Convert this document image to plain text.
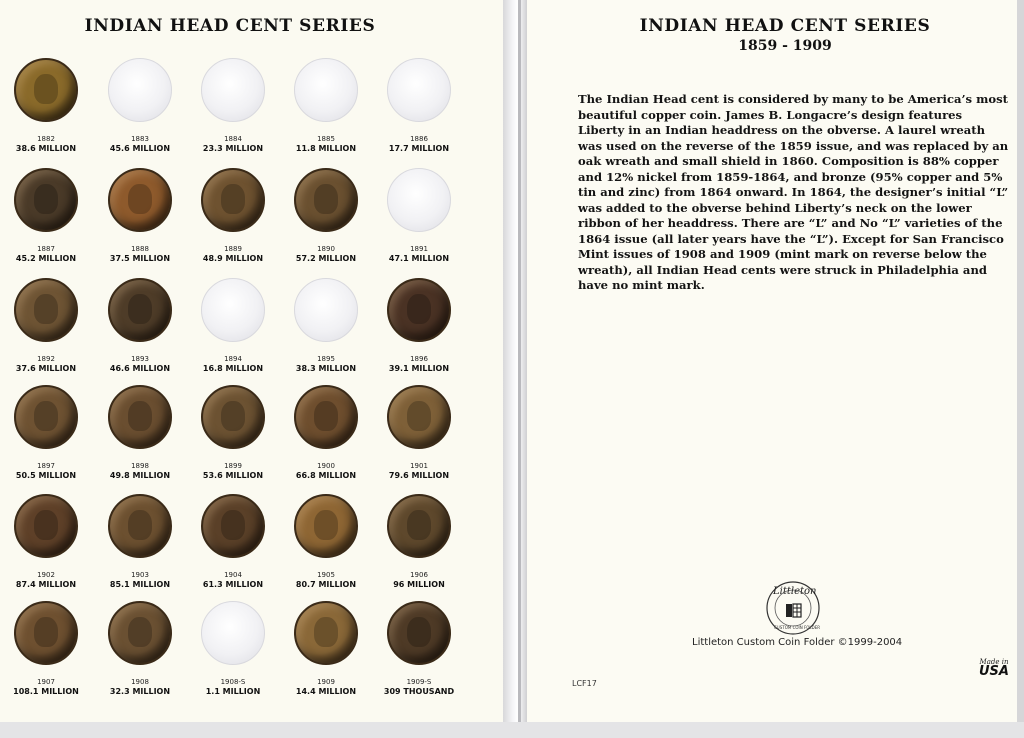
INDIAN HEAD CENT SERIES
1882
38.6 MILLION
1883
45.6 MILLION
1884
23.3 MILLION
1885
11.8 MILLION
1886
17.7 MILLION
1887
45.2 MILLION
1888
37.5 MILLION
1889
48.9 MILLION
1890
57.2 MILLION
1891
47.1 MILLION
1892
37.6 MILLION
1893
46.6 MILLION
1894
16.8 MILLION
1895
38.3 MILLION
1896
39.1 MILLION
1897
50.5 MILLION
1898
49.8 MILLION
1899
53.6 MILLION
1900
66.8 MILLION
1901
79.6 MILLION
1902
87.4 MILLION
1903
85.1 MILLION
1904
61.3 MILLION
1905
80.7 MILLION
1906
96 MILLION
1907
108.1 MILLION
1908
32.3 MILLION
1908-S
1.1 MILLION
1909
14.4 MILLION
1909-S
309 THOUSAND
INDIAN HEAD CENT SERIES
1859 - 1909

The Indian Head cent is considered by many to be America’s most beautiful copper coin. James B. Longacre’s design features Liberty in an Indian headdress on the obverse. A laurel wreath was used on the reverse of the 1859 issue, and was replaced by an oak wreath and small shield in 1860. Composition is 88% copper and 12% nickel from 1859-1864, and bronze (95% copper and 5% tin and zinc) from 1864 onward. In 1864, the designer’s initial “L” was added to the obverse behind Liberty’s neck on the lower ribbon of her headdress. There are “L” and No “L” varieties of the 1864 issue (all later years have the “L”). Except for San Francisco Mint issues of 1908 and 1909 (mint mark on reverse below the wreath), all Indian Head cents were struck in Philadelphia and have no mint mark.

Littleton
CUSTOM COIN FOLDER
Littleton Custom Coin Folder ©1999-2004
LCF17
Made in
USA
